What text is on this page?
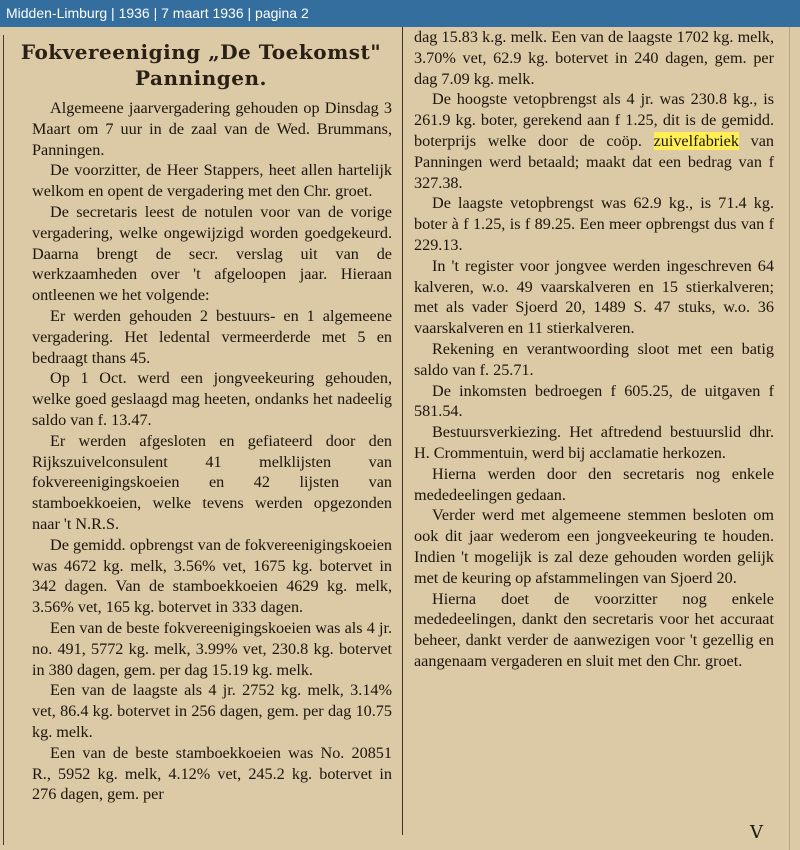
Midden-Limburg | 1936 | 7 maart 1936 | pagina 2
Fokvereeniging „De Toekomst"
Panningen.

Algemeene jaarvergadering gehouden op Dinsdag 3 Maart om 7 uur in de zaal van de Wed. Brummans, Panningen.

De voorzitter, de Heer Stappers, heet allen hartelijk welkom en opent de vergadering met den Chr. groet.

De secretaris leest de notulen voor van de vorige vergadering, welke ongewijzigd worden goedgekeurd. Daarna brengt de secr. verslag uit van de werkzaamheden over 't afgeloopen jaar. Hieraan ontleenen we het volgende:

Er werden gehouden 2 bestuurs- en 1 algemeene vergadering. Het ledental vermeerderde met 5 en bedraagt thans 45.

Op 1 Oct. werd een jongveekeuring gehouden, welke goed geslaagd mag heeten, ondanks het nadeelig saldo van f. 13.47.

Er werden afgesloten en gefiateerd door den Rijkszuivelconsulent 41 melklijsten van fokvereenigingskoeien en 42 lijsten van stamboekkoeien, welke tevens werden opgezonden naar 't N.R.S.

De gemidd. opbrengst van de fokvereenigingskoeien was 4672 kg. melk, 3.56% vet, 1675 kg. botervet in 342 dagen. Van de stamboekkoeien 4629 kg. melk, 3.56% vet, 165 kg. botervet in 333 dagen.

Een van de beste fokvereenigingskoeien was als 4 jr. no. 491, 5772 kg. melk, 3.99% vet, 230.8 kg. botervet in 380 dagen, gem. per dag 15.19 kg. melk.

Een van de laagste als 4 jr. 2752 kg. melk, 3.14% vet, 86.4 kg. botervet in 256 dagen, gem. per dag 10.75 kg. melk.

Een van de beste stamboekkoeien was No. 20851 R., 5952 kg. melk, 4.12% vet, 245.2 kg. botervet in 276 dagen, gem. per

dag 15.83 k.g. melk. Een van de laagste 1702 kg. melk, 3.70% vet, 62.9 kg. botervet in 240 dagen, gem. per dag 7.09 kg. melk.

De hoogste vetopbrengst als 4 jr. was 230.8 kg., is 261.9 kg. boter, gerekend aan f 1.25, dit is de gemidd. boterprijs welke door de coöp. zuivelfabriek van Panningen werd betaald; maakt dat een bedrag van f 327.38.

De laagste vetopbrengst was 62.9 kg., is 71.4 kg. boter à f 1.25, is f 89.25. Een meer opbrengst dus van f 229.13.

In 't register voor jongvee werden ingeschreven 64 kalveren, w.o. 49 vaarskalveren en 15 stierkalveren; met als vader Sjoerd 20, 1489 S. 47 stuks, w.o. 36 vaarskalveren en 11 stierkalveren.

Rekening en verantwoording sloot met een batig saldo van f. 25.71.

De inkomsten bedroegen f 605.25, de uitgaven f 581.54.

Bestuursverkiezing. Het aftredend bestuurslid dhr. H. Crommentuin, werd bij acclamatie herkozen.

Hierna werden door den secretaris nog enkele mededeelingen gedaan.

Verder werd met algemeene stemmen besloten om ook dit jaar wederom een jongveekeuring te houden. Indien 't mogelijk is zal deze gehouden worden gelijk met de keuring op afstammelingen van Sjoerd 20.

Hierna doet de voorzitter nog enkele mededeelingen, dankt den secretaris voor het accuraat beheer, dankt verder de aanwezigen voor 't gezellig en aangenaam vergaderen en sluit met den Chr. groet.

V
